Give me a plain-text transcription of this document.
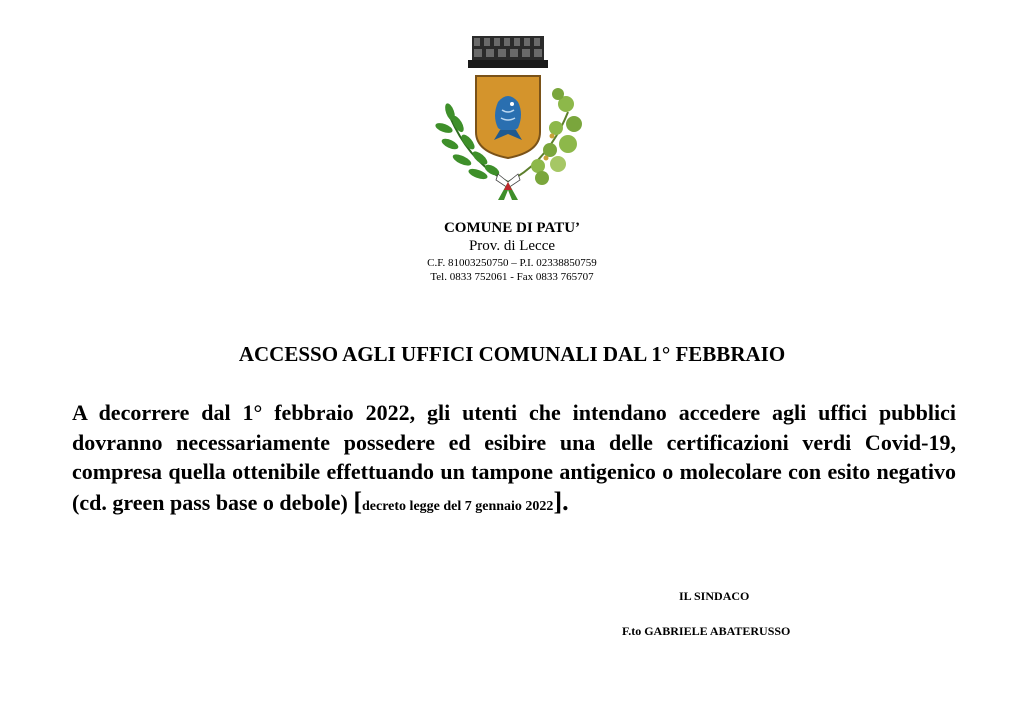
COMUNE DI PATU’
Prov. di Lecce
C.F. 81003250750 – P.I. 02338850759
Tel. 0833 752061 - Fax 0833 765707
ACCESSO AGLI UFFICI COMUNALI DAL 1° FEBBRAIO
A decorrere dal 1° febbraio 2022, gli utenti che intendano accedere agli uffici pubblici dovranno necessariamente possedere ed esibire una delle certificazioni verdi Covid-19, compresa quella ottenibile effettuando un tampone antigenico o molecolare con esito negativo (cd. green pass base o debole) [decreto legge del 7 gennaio 2022].
IL SINDACO
F.to GABRIELE ABATERUSSO
